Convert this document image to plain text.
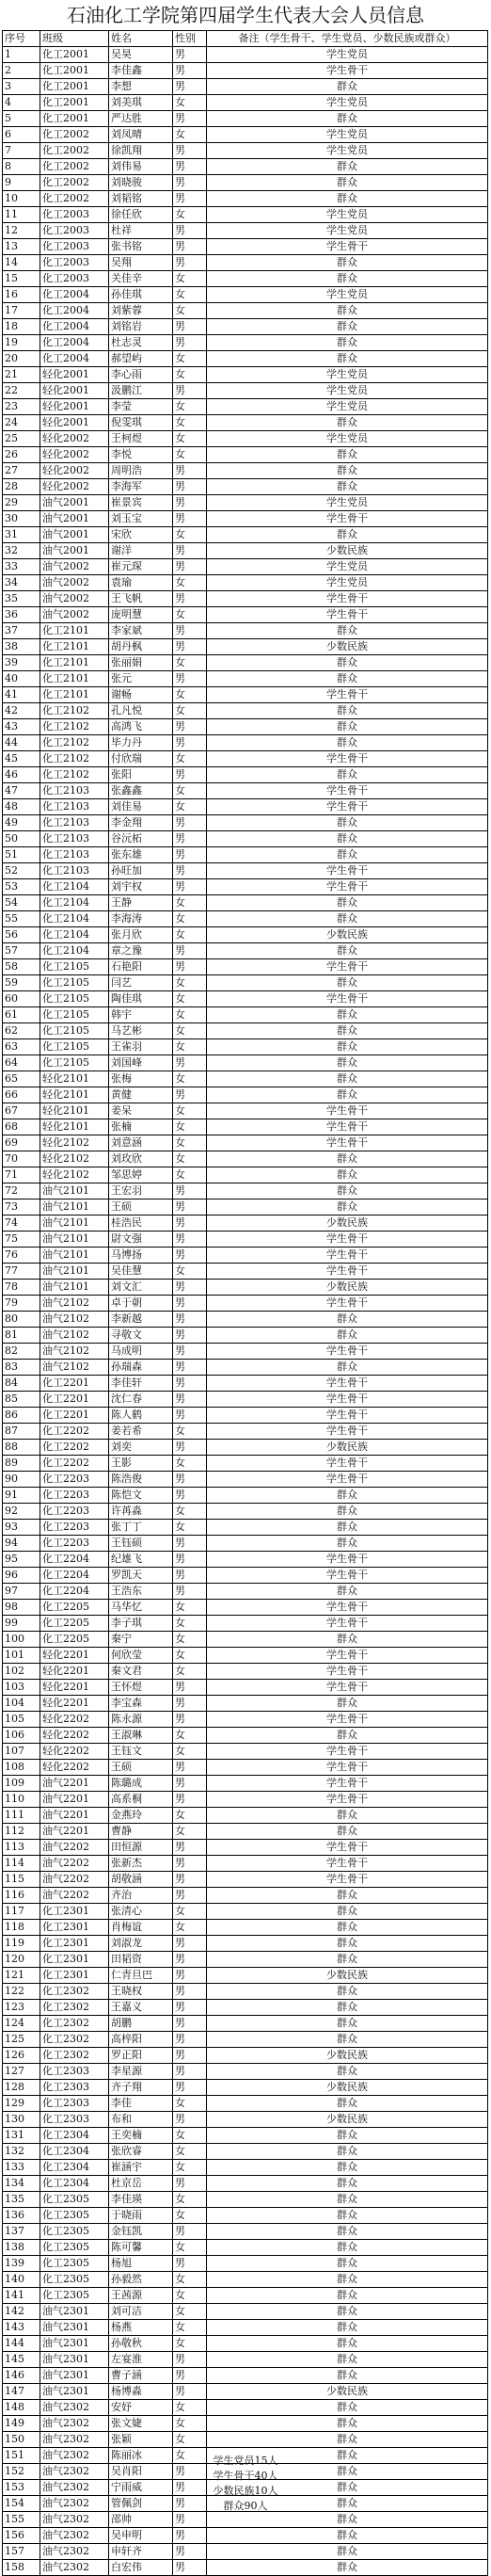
石油化工学院第四届学生代表大会人员信息
序号	班级	姓名	性别	备注（学生骨干、学生党员、少数民族或群众）
1	化工2001	吴昊	男	学生党员
2	化工2001	李佳鑫	男	学生骨干
3	化工2001	李想	男	群众
4	化工2001	刘美琪	女	学生党员
5	化工2001	严达胜	男	群众
6	化工2002	刘凤晴	女	学生党员
7	化工2002	徐凯翔	男	学生党员
8	化工2002	刘伟易	男	群众
9	化工2002	刘晓骏	男	群众
10	化工2002	刘韬铭	男	群众
11	化工2003	徐任欣	女	学生党员
12	化工2003	杜祥	男	学生党员
13	化工2003	张书铭	男	学生骨干
14	化工2003	吴翔	男	群众
15	化工2003	关佳辛	女	群众
16	化工2004	孙佳琪	女	学生党员
17	化工2004	刘紫蓉	女	群众
18	化工2004	刘铭岩	男	群众
19	化工2004	杜志灵	男	群众
20	化工2004	郝望屿	女	群众
21	轻化2001	李心雨	女	学生党员
22	轻化2001	汲鹏江	男	学生党员
23	轻化2001	李莹	女	学生党员
24	轻化2001	倪雯琪	女	群众
25	轻化2002	王柯煜	女	学生党员
26	轻化2002	李悦	女	群众
27	轻化2002	周明浩	男	群众
28	轻化2002	李海军	男	群众
29	油气2001	崔景宾	男	学生党员
30	油气2001	刘玉宝	男	学生骨干
31	油气2001	宋欣	女	群众
32	油气2001	谢洋	男	少数民族
33	油气2002	崔元琛	男	学生党员
34	油气2002	袁瑜	女	学生党员
35	油气2002	王飞帆	男	学生骨干
36	油气2002	庞明慧	女	学生骨干
37	化工2101	李家斌	男	群众
38	化工2101	胡丹枫	男	少数民族
39	化工2101	张丽娟	女	群众
40	化工2101	张元	男	群众
41	化工2101	谢畅	女	学生骨干
42	化工2102	孔凡悦	女	群众
43	化工2102	高鸿飞	男	群众
44	化工2102	毕力丹	男	群众
45	化工2102	付欣瑞	女	学生骨干
46	化工2102	张阳	男	群众
47	化工2103	张鑫鑫	女	学生骨干
48	化工2103	刘佳易	女	学生骨干
49	化工2103	李金翔	男	群众
50	化工2103	谷沅柘	男	群众
51	化工2103	张东雄	男	群众
52	化工2103	孙旺加	男	学生骨干
53	化工2104	刘宇权	男	学生骨干
54	化工2104	王静	女	群众
55	化工2104	李海涛	女	群众
56	化工2104	张月欣	女	少数民族
57	化工2104	章之豫	男	群众
58	化工2105	石艳阳	男	学生骨干
59	化工2105	闫艺	女	群众
60	化工2105	陶佳琪	女	学生骨干
61	化工2105	韩宇	女	群众
62	化工2105	马艺彬	女	群众
63	化工2105	王雀羽	女	群众
64	化工2105	刘国峰	男	群众
65	轻化2101	张梅	女	群众
66	轻化2101	黄健	男	群众
67	轻化2101	姜呆	女	学生骨干
68	轻化2101	张楠	女	学生骨干
69	轻化2102	刘意涵	女	学生骨干
70	轻化2102	刘玫欣	女	群众
71	轻化2102	邹思婷	女	群众
72	油气2101	王宏羽	男	群众
73	油气2101	王硕	男	群众
74	油气2101	桂浩民	男	少数民族
75	油气2101	尉文强	男	学生骨干
76	油气2101	马博扬	男	学生骨干
77	油气2101	吴佳慧	女	学生骨干
78	油气2101	刘文汇	男	少数民族
79	油气2102	卓于朝	男	学生骨干
80	油气2102	李新越	男	群众
81	油气2102	寻敬文	男	群众
82	油气2102	马成明	男	学生骨干
83	油气2102	孙瑞森	男	群众
84	化工2201	李佳轩	男	学生骨干
85	化工2201	沈仁春	男	学生骨干
86	化工2201	陈人鹤	男	学生骨干
87	化工2202	姜若希	女	学生骨干
88	化工2202	刘奕	男	少数民族
89	化工2202	王影	女	学生骨干
90	化工2203	陈浩俊	男	学生骨干
91	化工2203	陈恺文	男	群众
92	化工2203	许苒淼	女	群众
93	化工2203	张丁丁	女	群众
94	化工2203	王钰硕	男	群众
95	化工2204	纪雄飞	男	学生骨干
96	化工2204	罗凯天	男	学生骨干
97	化工2204	王浩东	男	群众
98	化工2205	马华忆	女	学生骨干
99	化工2205	李子琪	女	学生骨干
100	化工2205	秦宁	女	群众
101	轻化2201	何欣莹	女	学生骨干
102	轻化2201	秦文君	女	学生骨干
103	轻化2201	王怀煜	男	学生骨干
104	轻化2201	李宝森	男	群众
105	轻化2202	陈永源	男	学生骨干
106	轻化2202	王淑琳	女	群众
107	轻化2202	王钰文	女	学生骨干
108	轻化2202	王硕	男	学生骨干
109	油气2201	陈璐成	男	学生骨干
110	油气2201	高系桐	男	学生骨干
111	油气2201	金燕玲	女	群众
112	油气2201	曹静	女	群众
113	油气2202	田恒源	男	学生骨干
114	油气2202	张新杰	男	学生骨干
115	油气2202	胡敬涵	男	学生骨干
116	油气2202	齐治	男	群众
117	化工2301	张清心	女	群众
118	化工2301	肖梅谊	女	群众
119	化工2301	刘淑龙	男	群众
120	化工2301	田韬资	男	群众
121	化工2301	仁青旦巴	男	少数民族
122	化工2302	王晓权	男	群众
123	化工2302	王嘉义	男	群众
124	化工2302	胡鹏	男	群众
125	化工2302	高梓阳	男	群众
126	化工2302	罗正阳	男	少数民族
127	化工2303	李星源	男	群众
128	化工2303	齐子翔	男	少数民族
129	化工2303	李佳	女	群众
130	化工2303	布和	男	少数民族
131	化工2304	王奕楠	女	群众
132	化工2304	张欣睿	女	群众
133	化工2304	崔涵宇	女	群众
134	化工2304	杜京岳	男	群众
135	化工2305	李佳瑛	女	群众
136	化工2305	于晓雨	女	群众
137	化工2305	金钰凯	男	群众
138	化工2305	陈可馨	女	群众
139	化工2305	杨旭	男	群众
140	化工2305	孙毅然	女	群众
141	化工2305	王茜源	女	群众
142	油气2301	刘可洁	女	群众
143	油气2301	杨燕	女	群众
144	油气2301	孙敬秋	女	群众
145	油气2301	左宴淮	男	群众
146	油气2301	曹子涵	男	群众
147	油气2301	杨博淼	男	少数民族
148	油气2302	安妤	女	群众
149	油气2302	张文婕	女	群众
150	油气2302	张颖	女	群众
151	油气2302	陈丽冰	女	群众
152	油气2302	吴肖阳	男	群众
153	油气2302	宁雨威	男	群众
154	油气2302	管佩剑	男	群众
155	油气2302	邵帅	男	群众
156	油气2302	吴申明	男	群众
157	油气2302	申轩齐	男	群众
158	油气2302	白宏伟	男	群众
学生党员15人
学生骨干40人
少数民族10人
群众90人
